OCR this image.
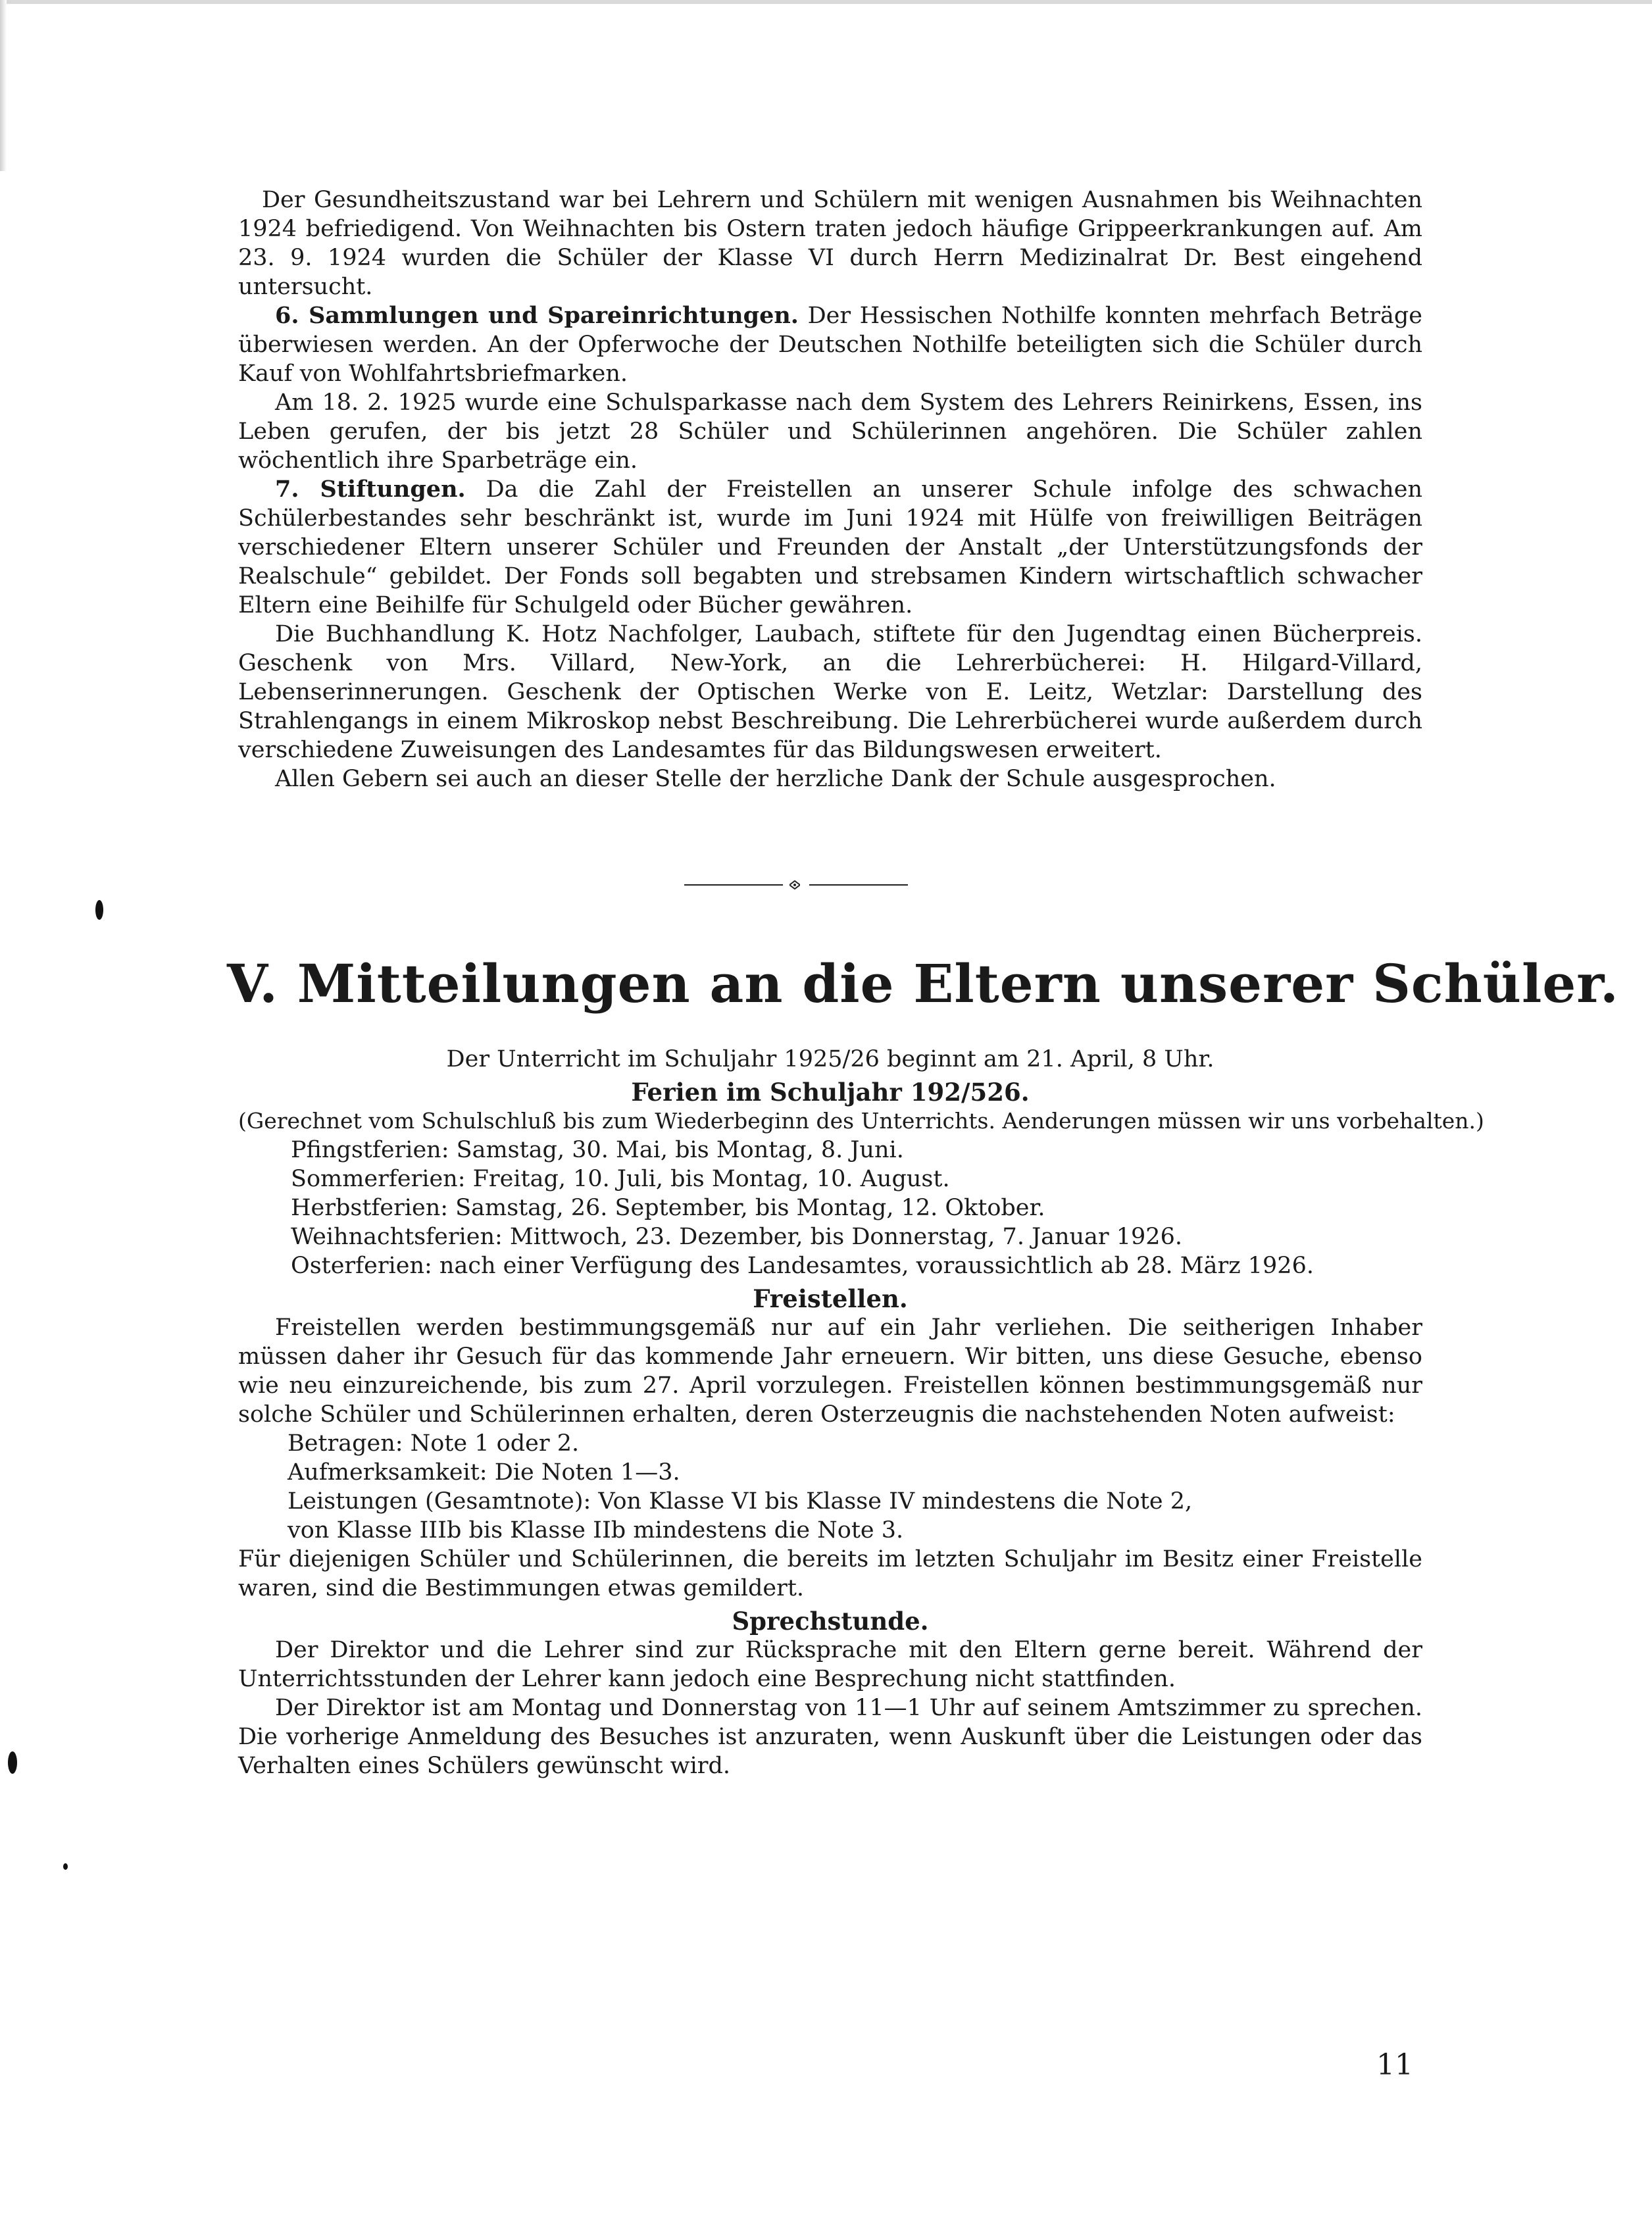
Der Gesundheitszustand war bei Lehrern und Schülern mit wenigen Ausnahmen bis Weihnachten 1924 befriedigend. Von Weihnachten bis Ostern traten jedoch häufige Grippeerkrankungen auf. Am 23. 9. 1924 wurden die Schüler der Klasse VI durch Herrn Medizinalrat Dr. Best eingehend untersucht.

6. Sammlungen und Spareinrichtungen. Der Hessischen Nothilfe konnten mehrfach Beträge überwiesen werden. An der Opferwoche der Deutschen Nothilfe beteiligten sich die Schüler durch Kauf von Wohlfahrtsbriefmarken.

Am 18. 2. 1925 wurde eine Schulsparkasse nach dem System des Lehrers Reinirkens, Essen, ins Leben gerufen, der bis jetzt 28 Schüler und Schülerinnen angehören. Die Schüler zahlen wöchentlich ihre Sparbeträge ein.

7. Stiftungen. Da die Zahl der Freistellen an unserer Schule infolge des schwachen Schülerbestandes sehr beschränkt ist, wurde im Juni 1924 mit Hülfe von freiwilligen Beiträgen verschiedener Eltern unserer Schüler und Freunden der Anstalt „der Unterstützungsfonds der Realschule“ gebildet. Der Fonds soll begabten und strebsamen Kindern wirtschaftlich schwacher Eltern eine Beihilfe für Schulgeld oder Bücher gewähren.

Die Buchhandlung K. Hotz Nachfolger, Laubach, stiftete für den Jugendtag einen Bücherpreis. Geschenk von Mrs. Villard, New-York, an die Lehrerbücherei: H. Hilgard-Villard, Lebenserinnerungen. Geschenk der Optischen Werke von E. Leitz, Wetzlar: Darstellung des Strahlengangs in einem Mikroskop nebst Beschreibung. Die Lehrerbücherei wurde außerdem durch verschiedene Zuweisungen des Landesamtes für das Bildungswesen erweitert.

Allen Gebern sei auch an dieser Stelle der herzliche Dank der Schule ausgesprochen.

V. Mitteilungen an die Eltern unserer Schüler.

Der Unterricht im Schuljahr 1925/26 beginnt am 21. April, 8 Uhr.

Ferien im Schuljahr 192/526.

(Gerechnet vom Schulschluß bis zum Wiederbeginn des Unterrichts. Aenderungen müssen wir uns vorbehalten.)

Pfingstferien: Samstag, 30. Mai, bis Montag, 8. Juni.

Sommerferien: Freitag, 10. Juli, bis Montag, 10. August.

Herbstferien: Samstag, 26. September, bis Montag, 12. Oktober.

Weihnachtsferien: Mittwoch, 23. Dezember, bis Donnerstag, 7. Januar 1926.

Osterferien: nach einer Verfügung des Landesamtes, voraussichtlich ab 28. März 1926.

Freistellen.

Freistellen werden bestimmungsgemäß nur auf ein Jahr verliehen. Die seitherigen Inhaber müssen daher ihr Gesuch für das kommende Jahr erneuern. Wir bitten, uns diese Gesuche, ebenso wie neu einzureichende, bis zum 27. April vorzulegen. Freistellen können bestimmungsgemäß nur solche Schüler und Schülerinnen erhalten, deren Osterzeugnis die nachstehenden Noten aufweist:

Betragen: Note 1 oder 2.

Aufmerksamkeit: Die Noten 1—3.

Leistungen (Gesamtnote): Von Klasse VI bis Klasse IV mindestens die Note 2,

von Klasse IIIb bis Klasse IIb mindestens die Note 3.

Für diejenigen Schüler und Schülerinnen, die bereits im letzten Schuljahr im Besitz einer Freistelle waren, sind die Bestimmungen etwas gemildert.

Sprechstunde.

Der Direktor und die Lehrer sind zur Rücksprache mit den Eltern gerne bereit. Während der Unterrichtsstunden der Lehrer kann jedoch eine Besprechung nicht stattfinden.

Der Direktor ist am Montag und Donnerstag von 11—1 Uhr auf seinem Amtszimmer zu sprechen. Die vorherige Anmeldung des Besuches ist anzuraten, wenn Auskunft über die Leistungen oder das Verhalten eines Schülers gewünscht wird.

11
